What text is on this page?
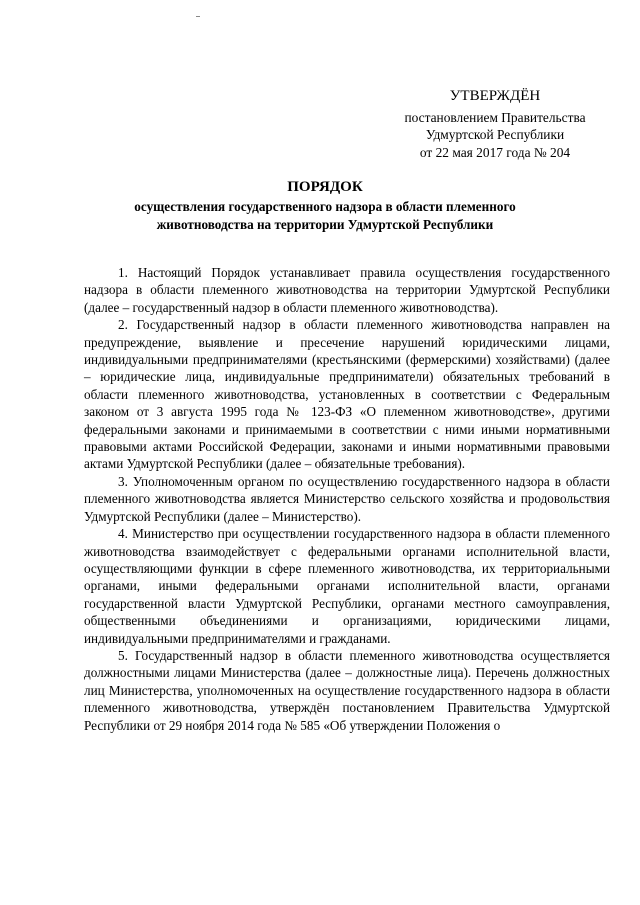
УТВЕРЖДЁН
постановлением Правительства
Удмуртской Республики
от 22 мая 2017 года № 204
ПОРЯДОК
осуществления государственного надзора в области племенного
животноводства на территории Удмуртской Республики

1. Настоящий Порядок устанавливает правила осуществления государственного надзора в области племенного животноводства на территории Удмуртской Республики (далее – государственный надзор в области племенного животноводства).

2. Государственный надзор в области племенного животноводства направлен на предупреждение, выявление и пресечение нарушений юридическими лицами, индивидуальными предпринимателями (крестьянскими (фермерскими) хозяйствами) (далее – юридические лица, индивидуальные предприниматели) обязательных требований в области племенного животноводства, установленных в соответствии с Федеральным законом от 3 августа 1995 года № 123-ФЗ «О племенном животноводстве», другими федеральными законами и принимаемыми в соответствии с ними иными нормативными правовыми актами Российской Федерации, законами и иными нормативными правовыми актами Удмуртской Республики (далее – обязательные требования).

3. Уполномоченным органом по осуществлению государственного надзора в области племенного животноводства является Министерство сельского хозяйства и продовольствия Удмуртской Республики (далее – Министерство).

4. Министерство при осуществлении государственного надзора в области племенного животноводства взаимодействует с федеральными органами исполнительной власти, осуществляющими функции в сфере племенного животноводства, их территориальными органами, иными федеральными органами исполнительной власти, органами государственной власти Удмуртской Республики, органами местного самоуправления, общественными объединениями и организациями, юридическими лицами, индивидуальными предпринимателями и гражданами.

5. Государственный надзор в области племенного животноводства осуществляется должностными лицами Министерства (далее – должностные лица). Перечень должностных лиц Министерства, уполномоченных на осуществление государственного надзора в области племенного животноводства, утверждён постановлением Правительства Удмуртской Республики от 29 ноября 2014 года № 585 «Об утверждении Положения о
